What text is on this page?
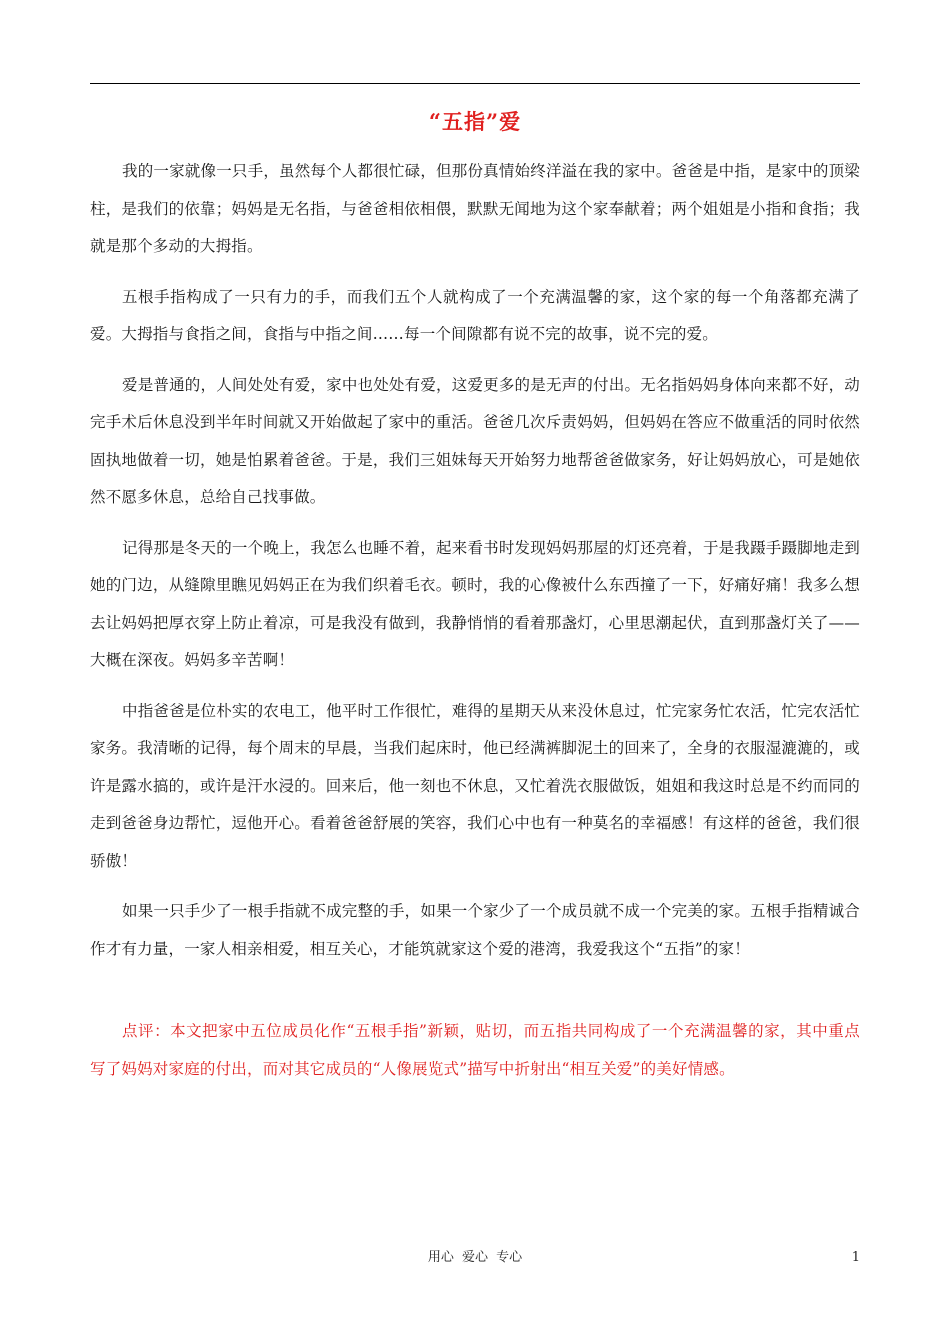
“五指”爱

我的一家就像一只手，虽然每个人都很忙碌，但那份真情始终洋溢在我的家中。爸爸是中指，是家中的顶梁柱，是我们的依靠；妈妈是无名指，与爸爸相依相偎，默默无闻地为这个家奉献着；两个姐姐是小指和食指；我就是那个多动的大拇指。

五根手指构成了一只有力的手，而我们五个人就构成了一个充满温馨的家，这个家的每一个角落都充满了爱。大拇指与食指之间，食指与中指之间……每一个间隙都有说不完的故事，说不完的爱。

爱是普通的，人间处处有爱，家中也处处有爱，这爱更多的是无声的付出。无名指妈妈身体向来都不好，动完手术后休息没到半年时间就又开始做起了家中的重活。爸爸几次斥责妈妈，但妈妈在答应不做重活的同时依然固执地做着一切，她是怕累着爸爸。于是，我们三姐妹每天开始努力地帮爸爸做家务，好让妈妈放心，可是她依然不愿多休息，总给自己找事做。

记得那是冬天的一个晚上，我怎么也睡不着，起来看书时发现妈妈那屋的灯还亮着，于是我蹑手蹑脚地走到她的门边，从缝隙里瞧见妈妈正在为我们织着毛衣。顿时，我的心像被什么东西撞了一下，好痛好痛！我多么想去让妈妈把厚衣穿上防止着凉，可是我没有做到，我静悄悄的看着那盏灯，心里思潮起伏，直到那盏灯关了——大概在深夜。妈妈多辛苦啊！

中指爸爸是位朴实的农电工，他平时工作很忙，难得的星期天从来没休息过，忙完家务忙农活，忙完农活忙家务。我清晰的记得，每个周末的早晨，当我们起床时，他已经满裤脚泥土的回来了，全身的衣服湿漉漉的，或许是露水搞的，或许是汗水浸的。回来后，他一刻也不休息，又忙着洗衣服做饭，姐姐和我这时总是不约而同的走到爸爸身边帮忙，逗他开心。看着爸爸舒展的笑容，我们心中也有一种莫名的幸福感！有这样的爸爸，我们很骄傲！

如果一只手少了一根手指就不成完整的手，如果一个家少了一个成员就不成一个完美的家。五根手指精诚合作才有力量，一家人相亲相爱，相互关心，才能筑就家这个爱的港湾，我爱我这个“五指”的家！

点评：本文把家中五位成员化作“五根手指”新颖，贴切，而五指共同构成了一个充满温馨的家，其中重点写了妈妈对家庭的付出，而对其它成员的“人像展览式”描写中折射出“相互关爱”的美好情感。

用心 爱心 专心	1
